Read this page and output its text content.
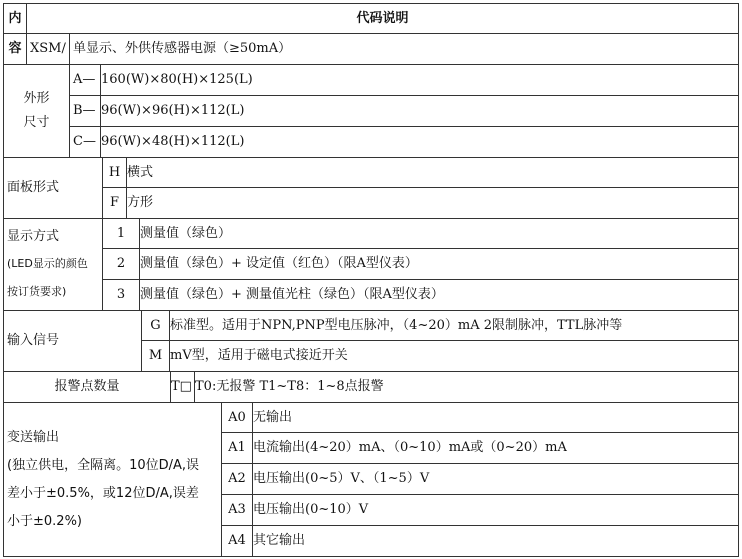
内	代码说明
容 XSM/ 单显示、外供传感器电源（≥50mA）
外形
尺寸
A— 160(W)×80(H)×125(L)
B— 96(W)×96(H)×112(L)
C— 96(W)×48(H)×112(L)
面板形式
H 横式
F 方形
显示方式
(LED显示的颜色
按订货要求)
1 测量值（绿色）
2 测量值（绿色）+ 设定值（红色）（限A型仪表）
3 测量值（绿色）+ 测量值光柱（绿色）（限A型仪表）
输入信号
G 标准型。适用于NPN,PNP型电压脉冲，（4~20）mA 2限制脉冲，TTL脉冲等
M mV型，适用于磁电式接近开关
报警点数量	T□ T0:无报警 T1~T8：1~8点报警
变送输出
(独立供电，全隔离。10位D/A,误
差小于±0.5%，或12位D/A,误差
小于±0.2%)
A0 无输出
A1 电流输出(4~20）mA、（0~10）mA或（0~20）mA
A2 电压输出(0~5）V、（1~5）V
A3 电压输出(0~10）V
A4 其它输出
